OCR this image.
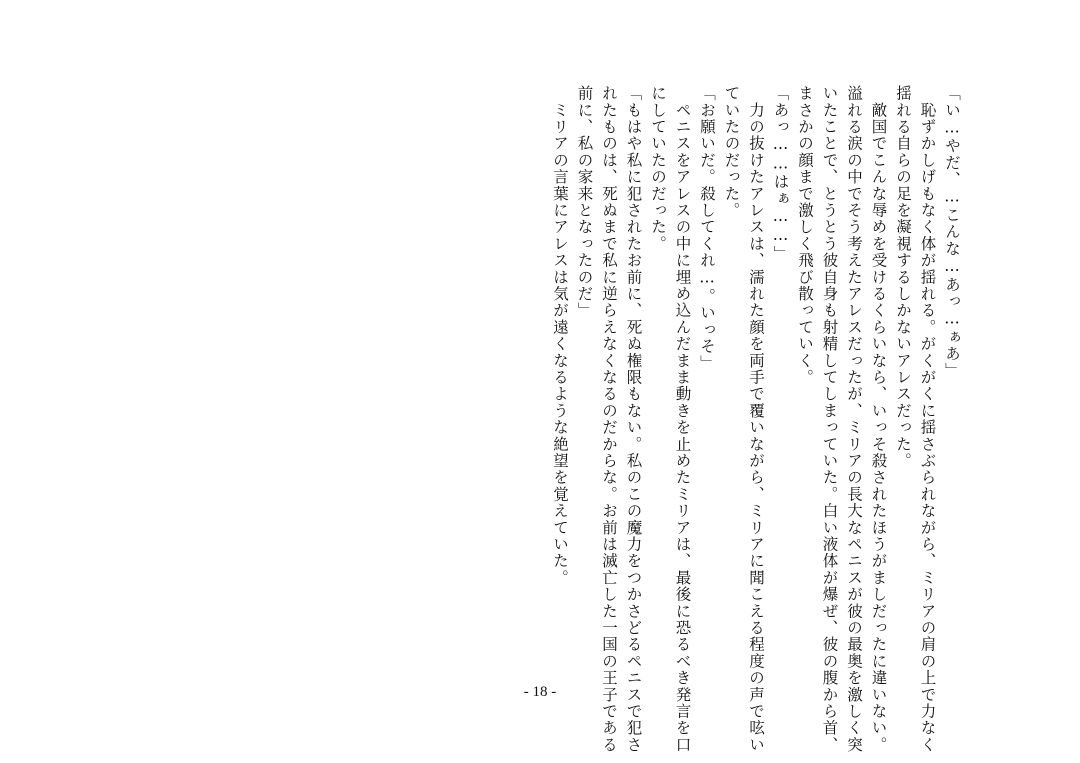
「い…やだ、…こんな…あっ…ぁあ」

　恥ずかしげもなく体が揺れる。がくがくに揺さぶられながら、ミリアの肩の上で力なく

揺れる自らの足を凝視するしかないアレスだった。

　敵国でこんな辱めを受けるくらいなら、いっそ殺されたほうがましだったに違いない。

溢れる涙の中でそう考えたアレスだったが、ミリアの長大なペニスが彼の最奥を激しく突

いたことで、とうとう彼自身も射精してしまっていた。白い液体が爆ぜ、彼の腹から首、

まさかの顔まで激しく飛び散っていく。

「あっ……はぁ……」

　力の抜けたアレスは、濡れた顔を両手で覆いながら、ミリアに聞こえる程度の声で呟い

ていたのだった。

「お願いだ。殺してくれ…。いっそ」

　ペニスをアレスの中に埋め込んだまま動きを止めたミリアは、最後に恐るべき発言を口

にしていたのだった。

「もはや私に犯されたお前に、死ぬ権限もない。私のこの魔力をつかさどるペニスで犯さ

れたものは、死ぬまで私に逆らえなくなるのだからな。お前は滅亡した一国の王子である

前に、私の家来となったのだ」

　ミリアの言葉にアレスは気が遠くなるような絶望を覚えていた。

- 18 -
